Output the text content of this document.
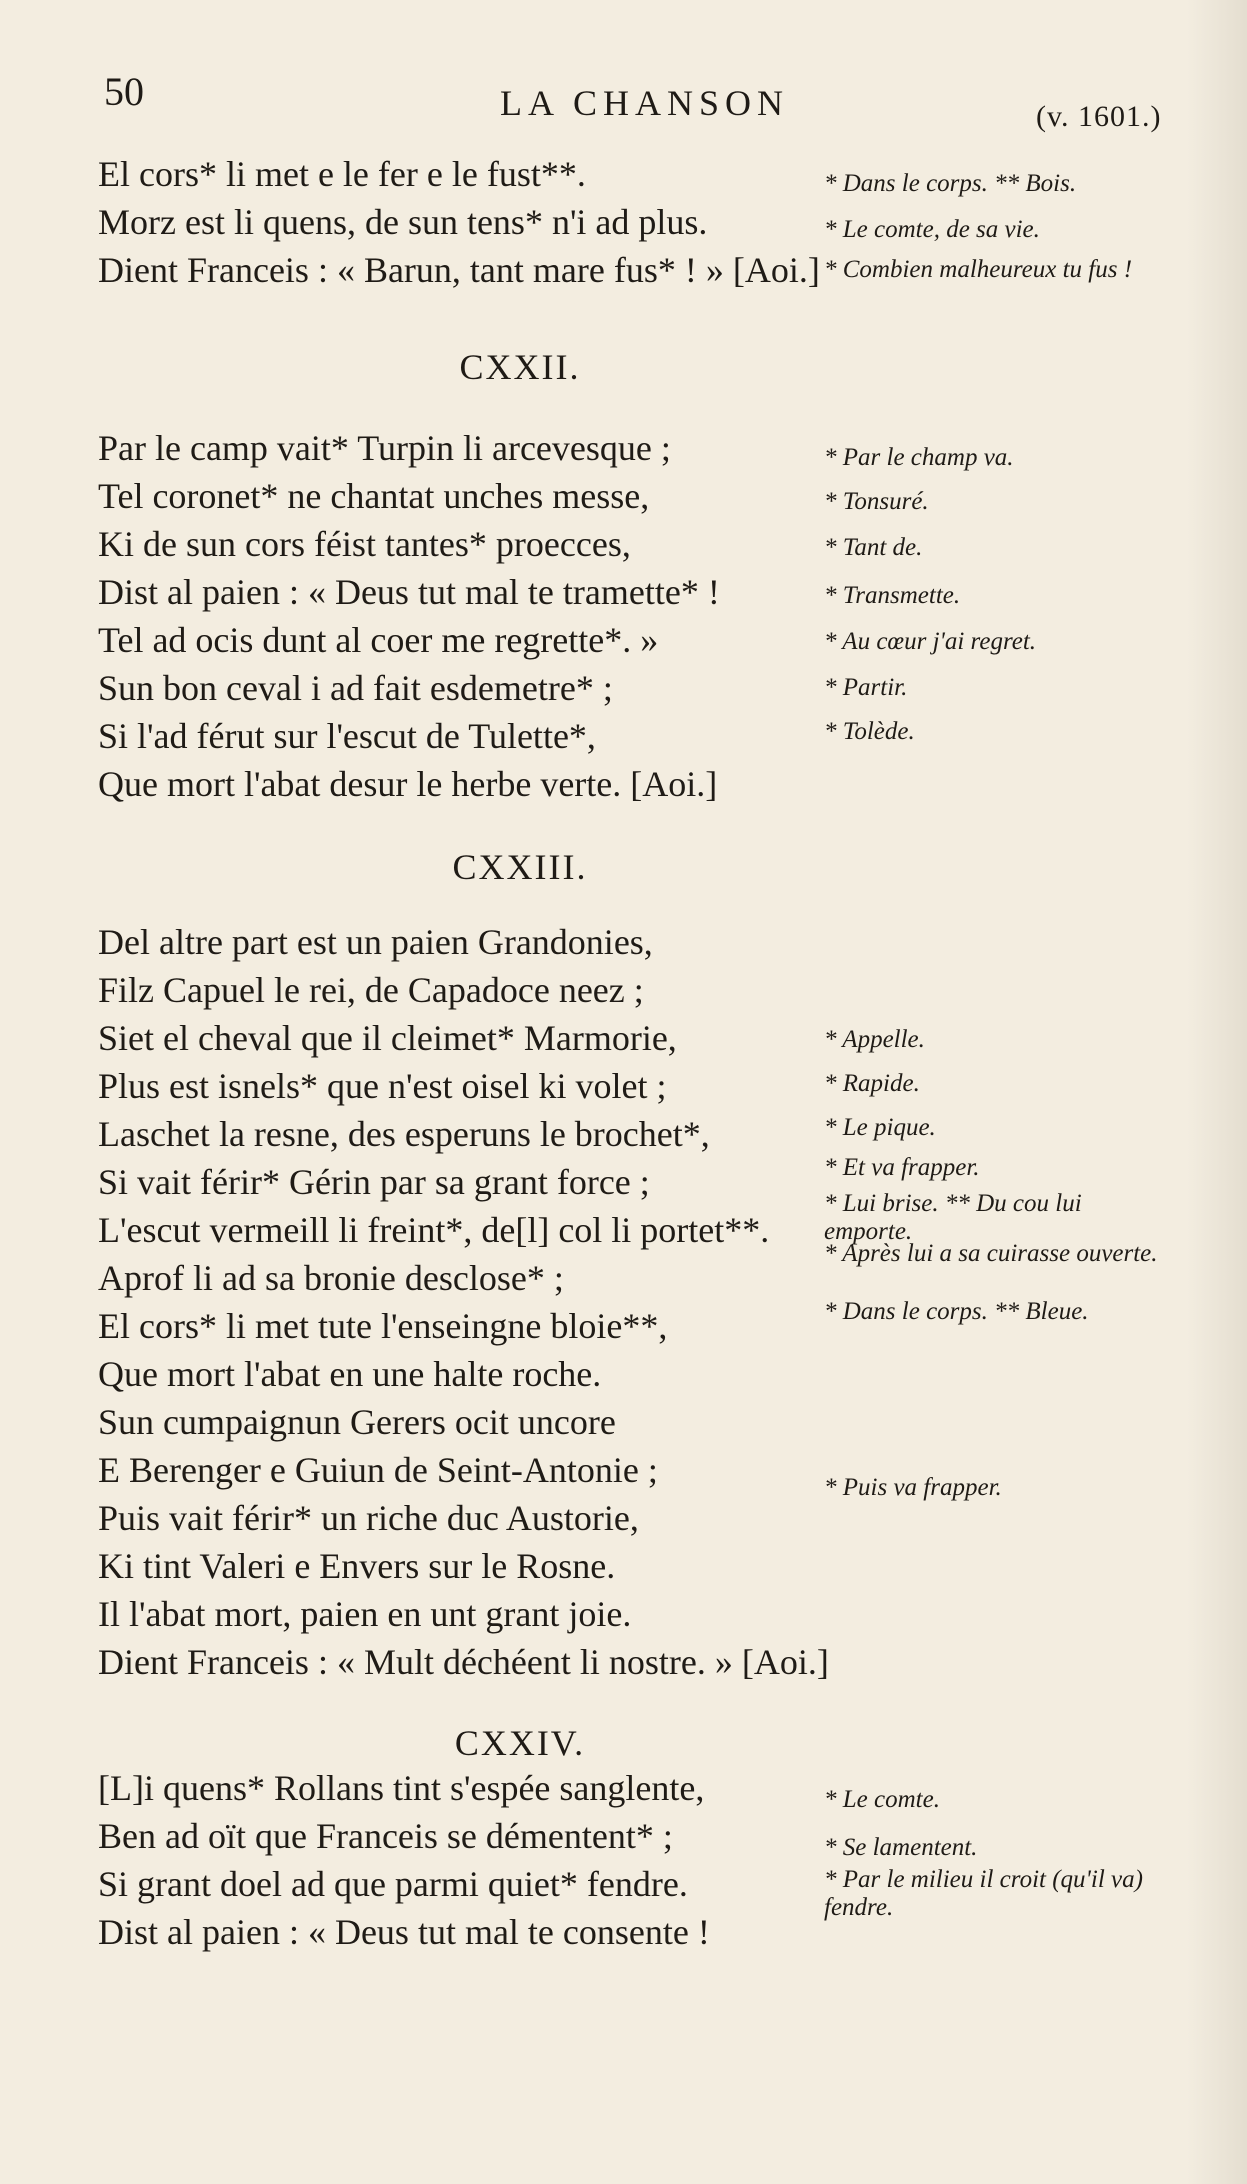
50	LA CHANSON	(v. 1601.)
El cors* li met e le fer e le fust**.
Morz est li quens, de sun tens* n'i ad plus.
Dient Franceis : « Barun, tant mare fus* ! » [Aoi.]
* Dans le corps. ** Bois.
* Le comte, de sa vie.
* Combien malheureux tu fus !
CXXII.
Par le camp vait* Turpin li arcevesque ;
Tel coronet* ne chantat unches messe,
Ki de sun cors féist tantes* proecces,
Dist al paien : « Deus tut mal te tramette* !
Tel ad ocis dunt al coer me regrette*. »
Sun bon ceval i ad fait esdemetre* ;
Si l'ad férut sur l'escut de Tulette*,
Que mort l'abat desur le herbe verte. [Aoi.]
* Par le champ va.
* Tonsuré.
* Tant de.
* Transmette.
* Au cœur j'ai regret.
* Partir.
* Tolède.
CXXIII.
Del altre part est un paien Grandonies,
Filz Capuel le rei, de Capadoce neez ;
Siet el cheval que il cleimet* Marmorie,
Plus est isnels* que n'est oisel ki volet ;
Laschet la resne, des esperuns le brochet*,
Si vait férir* Gérin par sa grant force ;
L'escut vermeill li freint*, de[l] col li portet**.
Aprof li ad sa bronie desclose* ;
El cors* li met tute l'enseingne bloie**,
Que mort l'abat en une halte roche.
Sun cumpaignun Gerers ocit uncore
E Berenger e Guiun de Seint-Antonie ;
Puis vait férir* un riche duc Austorie,
Ki tint Valeri e Envers sur le Rosne.
Il l'abat mort, paien en unt grant joie.
Dient Franceis : « Mult déchéent li nostre. » [Aoi.]
* Appelle.
* Rapide.
* Le pique.
* Et va frapper.
* Lui brise. ** Du cou lui emporte.
* Après lui a sa cuirasse ouverte.
* Dans le corps. ** Bleue.
* Puis va frapper.
CXXIV.
[L]i quens* Rollans tint s'espée sanglente,
Ben ad oït que Franceis se démentent* ;
Si grant doel ad que parmi quiet* fendre.
Dist al paien : « Deus tut mal te consente !
* Le comte.
* Se lamentent.
* Par le milieu il croit (qu'il va) fendre.
